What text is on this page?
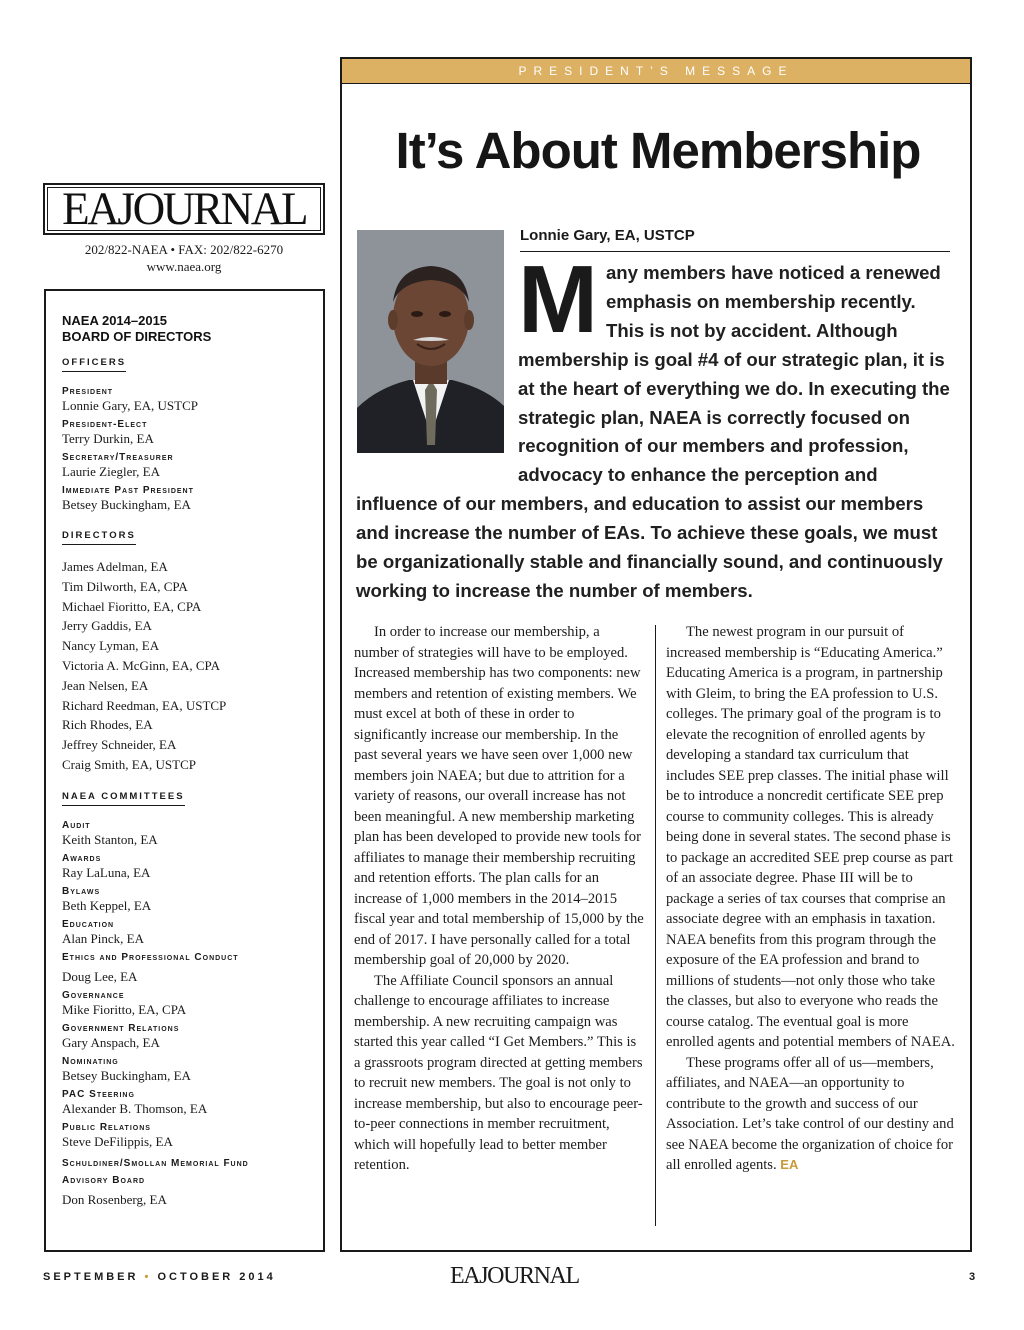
EAJOURNAL
202/822-NAEA • FAX: 202/822-6270
www.naea.org
NAEA 2014–2015
BOARD OF DIRECTORS
OFFICERS
President
Lonnie Gary, EA, USTCP
President-Elect
Terry Durkin, EA
Secretary/Treasurer
Laurie Ziegler, EA
Immediate Past President
Betsey Buckingham, EA
DIRECTORS
James Adelman, EA
Tim Dilworth, EA, CPA
Michael Fioritto, EA, CPA
Jerry Gaddis, EA
Nancy Lyman, EA
Victoria A. McGinn, EA, CPA
Jean Nelsen, EA
Richard Reedman, EA, USTCP
Rich Rhodes, EA
Jeffrey Schneider, EA
Craig Smith, EA, USTCP
NAEA COMMITTEES
Audit
Keith Stanton, EA
Awards
Ray LaLuna, EA
Bylaws
Beth Keppel, EA
Education
Alan Pinck, EA
Ethics and Professional Conduct
Doug Lee, EA
Governance
Mike Fioritto, EA, CPA
Government Relations
Gary Anspach, EA
Nominating
Betsey Buckingham, EA
PAC Steering
Alexander B. Thomson, EA
Public Relations
Steve DeFilippis, EA
Schuldiner/Smollan Memorial Fund Advisory Board
Don Rosenberg, EA
PRESIDENT’S MESSAGE
It’s About Membership
Lonnie Gary, EA, USTCP
M any members have noticed a renewed emphasis on membership recently. This is not by accident. Although membership is goal #4 of our strategic plan, it is at the heart of everything we do. In executing the strategic plan, NAEA is correctly focused on recognition of our members and profession, advocacy to enhance the perception and influence of our members, and education to assist our members and increase the number of EAs. To achieve these goals, we must be organizationally stable and financially sound, and continuously working to increase the number of members.

In order to increase our membership, a number of strategies will have to be employed. Increased membership has two components: new members and retention of existing members. We must excel at both of these in order to significantly increase our membership. In the past several years we have seen over 1,000 new members join NAEA; but due to attrition for a variety of reasons, our overall increase has not been meaningful. A new membership marketing plan has been developed to provide new tools for affiliates to manage their membership recruiting and retention efforts. The plan calls for an increase of 1,000 members in the 2014–2015 fiscal year and total membership of 15,000 by the end of 2017. I have personally called for a total membership goal of 20,000 by 2020.

The Affiliate Council sponsors an annual challenge to encourage affiliates to increase membership. A new recruiting campaign was started this year called “I Get Members.” This is a grassroots program directed at getting members to recruit new members. The goal is not only to increase membership, but also to encourage peer-to-peer connections in member recruitment, which will hopefully lead to better member retention.

The newest program in our pursuit of increased membership is “Educating America.” Educating America is a program, in partnership with Gleim, to bring the EA profession to U.S. colleges. The primary goal of the program is to elevate the recognition of enrolled agents by developing a standard tax curriculum that includes SEE prep classes. The initial phase will be to introduce a noncredit certificate SEE prep course to community colleges. This is already being done in several states. The second phase is to package an accredited SEE prep course as part of an associate degree. Phase III will be to package a series of tax courses that comprise an associate degree with an emphasis in taxation. NAEA benefits from this program through the exposure of the EA profession and brand to millions of students—not only those who take the classes, but also to everyone who reads the course catalog. The eventual goal is more enrolled agents and potential members of NAEA.

These programs offer all of us—members, affiliates, and NAEA—an opportunity to contribute to the growth and success of our Association. Let’s take control of our destiny and see NAEA become the organization of choice for all enrolled agents. EA

SEPTEMBER • OCTOBER 2014	EAJOURNAL	3
